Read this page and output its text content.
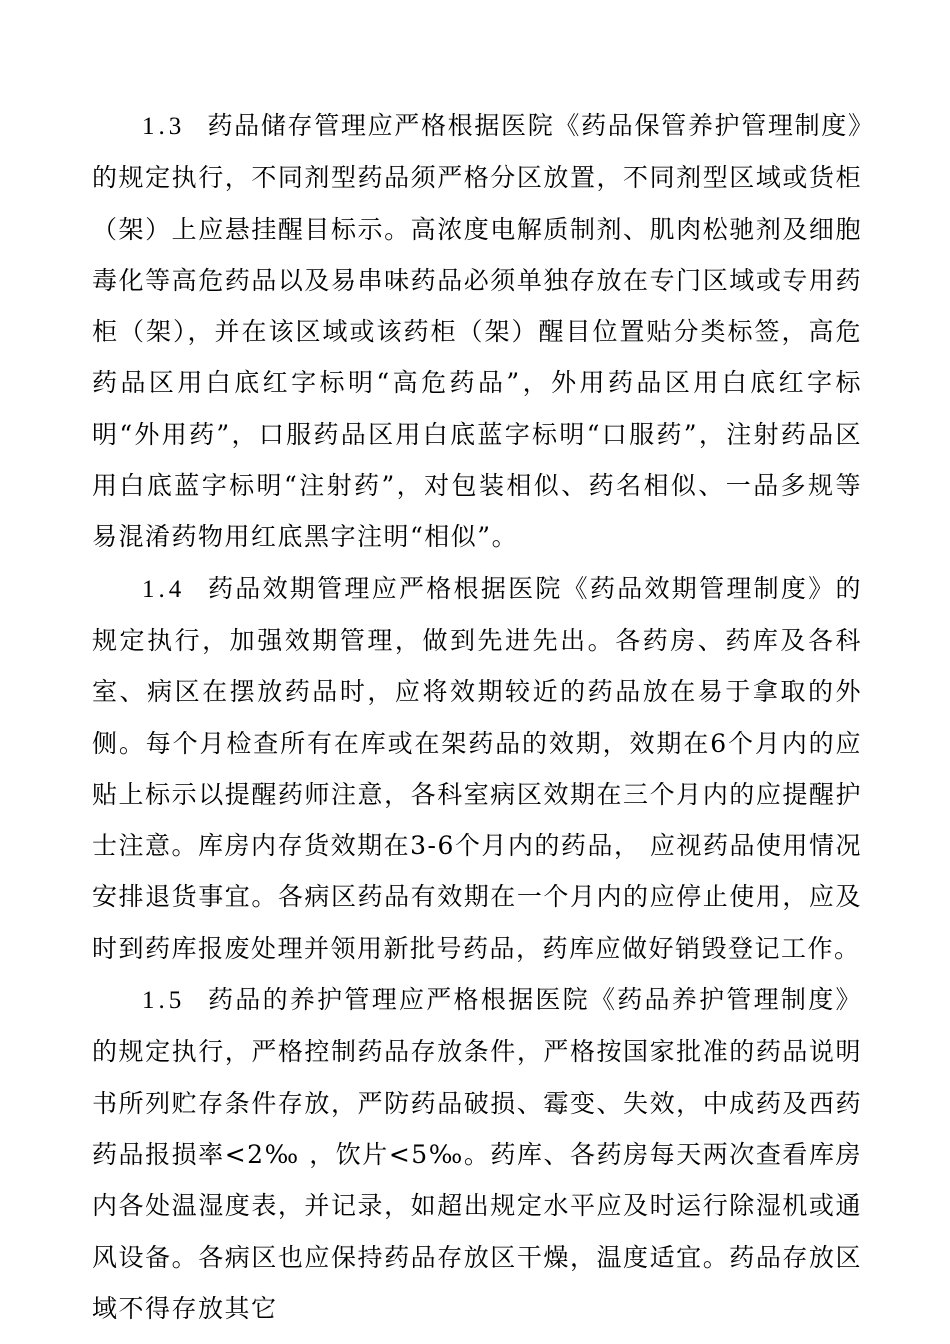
1.3 药品储存管理应严格根据医院《药品保管养护管理制度》的规定执行，不同剂型药品须严格分区放置，不同剂型区域或货柜（架）上应悬挂醒目标示。高浓度电解质制剂、肌肉松驰剂及细胞毒化等高危药品以及易串味药品必须单独存放在专门区域或专用药柜（架），并在该区域或该药柜（架）醒目位置贴分类标签，高危药品区用白底红字标明“高危药品”，外用药品区用白底红字标明“外用药”，口服药品区用白底蓝字标明“口服药”，注射药品区用白底蓝字标明“注射药”，对包装相似、药名相似、一品多规等易混淆药物用红底黑字注明“相似”。

1.4 药品效期管理应严格根据医院《药品效期管理制度》的规定执行，加强效期管理，做到先进先出。各药房、药库及各科室、病区在摆放药品时，应将效期较近的药品放在易于拿取的外侧。每个月检查所有在库或在架药品的效期，效期在6个月内的应贴上标示以提醒药师注意，各科室病区效期在三个月内的应提醒护士注意。库房内存货效期在3-6个月内的药品， 应视药品使用情况安排退货事宜。各病区药品有效期在一个月内的应停止使用，应及时到药库报废处理并领用新批号药品，药库应做好销毁登记工作。

1.5 药品的养护管理应严格根据医院《药品养护管理制度》的规定执行，严格控制药品存放条件，严格按国家批准的药品说明书所列贮存条件存放，严防药品破损、霉变、失效，中成药及西药药品报损率<2‰ ，饮片<5‰。药库、各药房每天两次查看库房内各处温湿度表，并记录，如超出规定水平应及时运行除湿机或通风设备。各病区也应保持药品存放区干燥，温度适宜。药品存放区域不得存放其它
